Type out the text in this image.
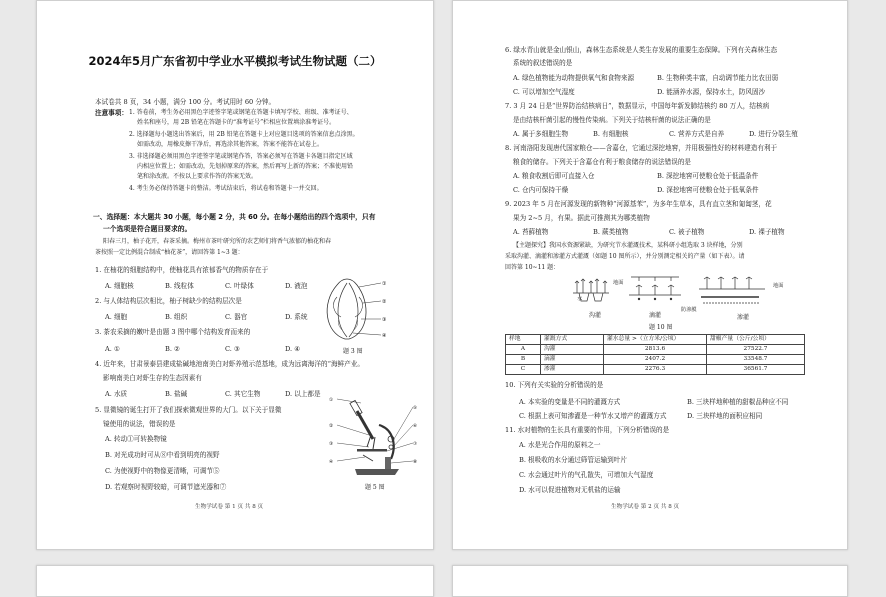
2024年5月广东省初中学业水平模拟考试生物试题（二）
本试卷共 8 页，34 小题，满分 100 分。考试用时 60 分钟。
注意事项： 1. 答卷前，考生务必用黑色字迹签字笔或钢笔在答题卡填写学校、班级、准考证号、
姓名和座号，用 2B 铅笔在答题卡的“准考证号”栏相应位置填涂准考证号。
2. 选择题每小题选出答案后，用 2B 铅笔在答题卡上对应题目选项的答案信息点涂黑。
如需改动，用橡皮擦干净后，再选涂其他答案，答案不能答在试卷上。
3. 非选择题必须用黑色字迹签字笔或钢笔作答，答案必须写在答题卡各题目指定区域
内相应位置上；如需改动，先划掉原来的答案，然后再写上新的答案；不准使用铅
笔和涂改液。不按以上要求作答的答案无效。
4. 考生务必保持答题卡的整洁。考试结束后，将试卷和答题卡一并交回。
一、选择题：本大题共 30 小题，每小题 2 分，共 60 分。在每小题给出的四个选项中，只有
一个选项是符合题目要求的。
阳春三月，柚子花开，春茶采摘。梅州市茶叶研究所的农艺师们将香气浓郁的柚花和春
茶按照一定比例混合制成“柚花茶”，请回答第 1~3 题：
1. 在柚花的细胞结构中，使柚花具有浓郁香气的物质存在于
A. 细胞核	B. 线粒体	C. 叶绿体	D. 液泡
2. 与人体结构层次相比，柚子树缺少的结构层次是
A. 细胞	B. 组织	C. 器官	D. 系统
3. 茶农采摘的嫩叶是由题 3 图中哪个结构发育而来的
A. ①	B. ②	C. ③	D. ④
①
②
③
④
题 3 图
4. 近年来，甘肃景泰县建成盐碱地池南美白对虾养殖示范基地，成为远离海洋的“海鲜产业。
影响南美白对虾生存的生态因素有
A. 水质	B. 盐碱	C. 其它生物	D. 以上都是
5. 显微镜的诞生打开了我们探索微观世界的大门。以下关于显微
镜使用的说法，错误的是
A. 转动①可转换物镜
B. 对光成功时可从⑧中看到明亮的视野
C. 为使视野中的物像更清晰，可调节⑤
D. 若观察时视野较暗，可调节遮光器和⑦
①
②
③
④
⑤
⑥
⑦
⑧
题 5 图
生物学试卷 第 1 页 共 8 页
6. 绿水青山就是金山银山，森林生态系统是人类生存发展的重要生态保障。下列有关森林生态
系统的叙述错误的是
A. 绿色植物能为动物提供氧气和食物来源	B. 生物种类丰富，自动调节能力比农田弱
C. 可以增加空气湿度	D. 能涵养水源，保持水土，防风固沙
7. 3 月 24 日是“世界防治结核病日”，数据显示，中国每年新发肺结核约 80 万人，结核病
是由结核杆菌引起的慢性传染病。下列关于结核杆菌的说法正确的是
A. 属于多细胞生物	B. 有细胞核	C. 营养方式是自养	D. 进行分裂生殖
8. 河南洛阳发现唐代国家粮仓——含嘉仓，它通过深挖地窖，并用极强性好的材料建造有利于
粮食的储存。下列关于含嘉仓有利于粮食储存的说法错误的是
A. 粮食收割后即可直接入仓	B. 深挖地窖可使粮仓处于低温条件
C. 仓内可保持干燥	D. 深挖地窖可使粮仓处于低氧条件
9. 2023 年 5 月在河源发现的新物种“河源基苯”，为多年生草本，具有直立茎和匍匐茎，花
果为 2~5 月，有果。据此可推测其为哪类植物
A. 苔藓植物	B. 蕨类植物	C. 被子植物	D. 裸子植物
【主题探究】我国水资源紧缺，为研究节水灌溉技术，某科研小组选取 3 块样地，分别
采取沟灌、滴灌和渗灌方式灌溉（如题 10 图所示），并分别测定相关的产量（如下表）。请
回答第 10~11 题：
水
地面	地面
防渗膜
沟灌	滴灌	渗灌
题 10 图
样地	灌溉方式	灌水总量 >（立方米/公顷）	甜椒产量（公斤/公顷）
A	沟灌	2813.6	27522.7
B	滴灌	2407.2	33548.7
C	渗灌	2276.3	36561.7
10. 下列有关实验的分析错误的是
A. 本实验的变量是不同的灌溉方式	B. 三块样地种植的甜椒品种应不同
C. 根据上表可知渗灌是一种节水又增产的灌溉方式	D. 三块样地的面积应相同
11. 水对植物的生长具有重要的作用，下列分析错误的是
A. 水是光合作用的原料之一
B. 根吸收的水分通过筛管运输到叶片
C. 水会通过叶片的气孔散失，可增加大气湿度
D. 水可以促进植物对无机盐的运输
生物学试卷 第 2 页 共 8 页
